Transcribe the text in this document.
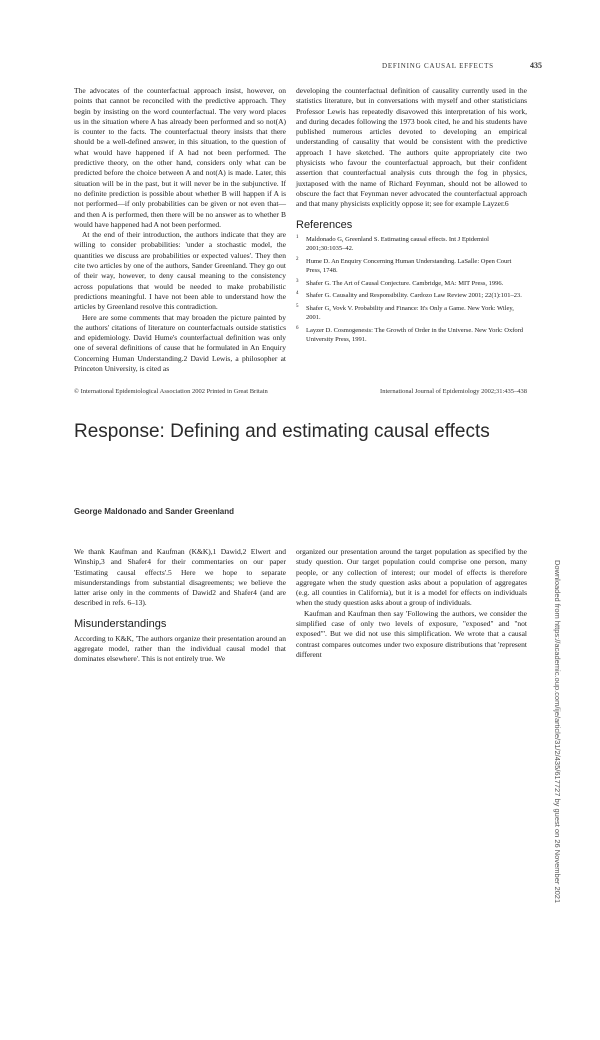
DEFINING CAUSAL EFFECTS	435

The advocates of the counterfactual approach insist, however, on points that cannot be reconciled with the predictive approach. They begin by insisting on the word counterfactual. The very word places us in the situation where A has already been performed and so not(A) is counter to the facts. The counterfactual theory insists that there should be a well-defined answer, in this situation, to the question of what would have happened if A had not been performed. The predictive theory, on the other hand, considers only what can be predicted before the choice between A and not(A) is made. Later, this situation will be in the past, but it will never be in the subjunctive. If no definite prediction is possible about whether B will happen if A is not performed—if only probabilities can be given or not even that—and then A is performed, then there will be no answer as to whether B would have happened had A not been performed.

At the end of their introduction, the authors indicate that they are willing to consider probabilities: 'under a stochastic model, the quantities we discuss are probabilities or expected values'. They then cite two articles by one of the authors, Sander Greenland. They go out of their way, however, to deny causal meaning to the consistency across populations that would be needed to make probabilistic predictions meaningful. I have not been able to understand how the articles by Greenland resolve this contradiction.

Here are some comments that may broaden the picture painted by the authors' citations of literature on counterfactuals outside statistics and epidemiology. David Hume's counterfactual definition was only one of several definitions of cause that he formulated in An Enquiry Concerning Human Understanding.2 David Lewis, a philosopher at Princeton University, is cited as

developing the counterfactual definition of causality currently used in the statistics literature, but in conversations with myself and other statisticians Professor Lewis has repeatedly disavowed this interpretation of his work, and during decades following the 1973 book cited, he and his students have published numerous articles devoted to developing an empirical understanding of causality that would be consistent with the predictive approach I have sketched. The authors quite appropriately cite two physicists who favour the counterfactual approach, but their confident assertion that counterfactual analysis cuts through the fog in physics, juxtaposed with the name of Richard Feynman, should not be allowed to obscure the fact that Feynman never advocated the counterfactual approach and that many physicists explicitly oppose it; see for example Layzer.6

References
1 Maldonado G, Greenland S. Estimating causal effects. Int J Epidemiol 2001;30:1035–42.
2 Hume D. An Enquiry Concerning Human Understanding. LaSalle: Open Court Press, 1748.
3 Shafer G. The Art of Causal Conjecture. Cambridge, MA: MIT Press, 1996.
4 Shafer G. Causality and Responsibility. Cardozo Law Review 2001; 22(1):101–23.
5 Shafer G, Vovk V. Probability and Finance: It's Only a Game. New York: Wiley, 2001.
6 Layzer D. Cosmogenesis: The Growth of Order in the Universe. New York: Oxford University Press, 1991.
Downloaded from https://academic.oup.com/ije/article/31/2/435/617727 by guest on 26 November 2021
© International Epidemiological Association 2002 Printed in Great Britain	International Journal of Epidemiology 2002;31:435–438
Response: Defining and estimating causal effects
George Maldonado and Sander Greenland

We thank Kaufman and Kaufman (K&K),1 Dawid,2 Elwert and Winship,3 and Shafer4 for their commentaries on our paper 'Estimating causal effects'.5 Here we hope to separate misunderstandings from substantial disagreements; we believe the latter arise only in the comments of Dawid2 and Shafer4 (and are described in refs. 6–13).

Misunderstandings

According to K&K, 'The authors organize their presentation around an aggregate model, rather than the individual causal model that dominates elsewhere'. This is not entirely true. We

organized our presentation around the target population as specified by the study question. Our target population could comprise one person, many people, or any collection of interest; our model of effects is therefore aggregate when the study question asks about a population of aggregates (e.g. all counties in California), but it is a model for effects on individuals when the study question asks about a group of individuals.

Kaufman and Kaufman then say 'Following the authors, we consider the simplified case of only two levels of exposure, "exposed" and "not exposed"'. But we did not use this simplification. We wrote that a causal contrast compares outcomes under two exposure distributions that 'represent different
